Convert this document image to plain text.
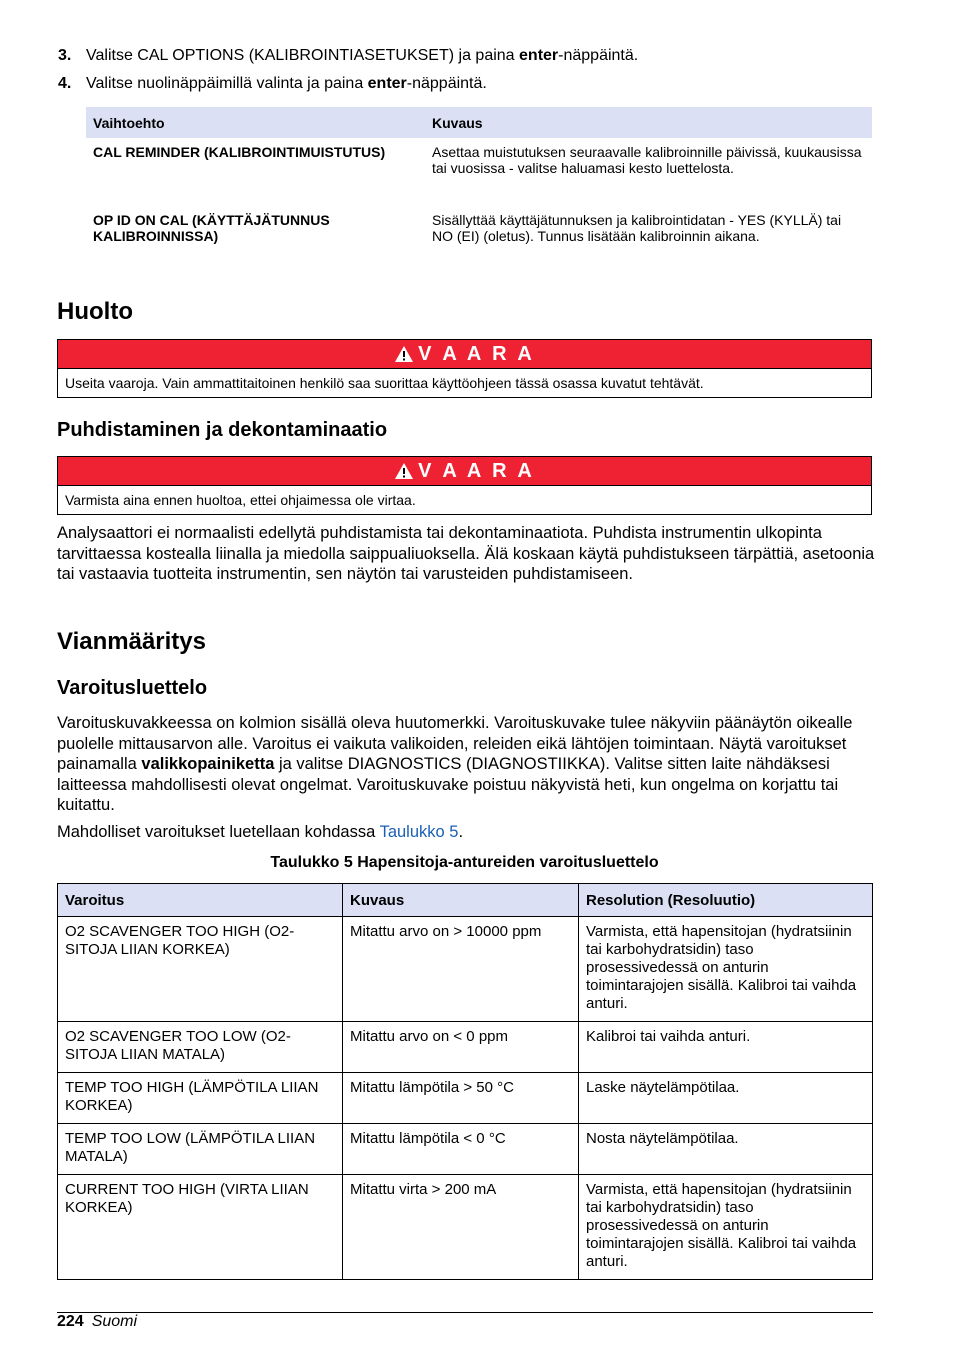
3. Valitse CAL OPTIONS (KALIBROINTIASETUKSET) ja paina enter-näppäintä.
4. Valitse nuolinäppäimillä valinta ja paina enter-näppäintä.
Vaihtoehto	Kuvaus
CAL REMINDER (KALIBROINTIMUISTUTUS)	Asettaa muistutuksen seuraavalle kalibroinnille päivissä, kuukausissa tai vuosissa - valitse haluamasi kesto luettelosta.
OP ID ON CAL (KÄYTTÄJÄTUNNUS KALIBROINNISSA)	Sisällyttää käyttäjätunnuksen ja kalibrointidatan - YES (KYLLÄ) tai NO (EI) (oletus). Tunnus lisätään kalibroinnin aikana.
Huolto
V A A R A
Useita vaaroja. Vain ammattitaitoinen henkilö saa suorittaa käyttöohjeen tässä osassa kuvatut tehtävät.
Puhdistaminen ja dekontaminaatio
V A A R A
Varmista aina ennen huoltoa, ettei ohjaimessa ole virtaa.
Analysaattori ei normaalisti edellytä puhdistamista tai dekontaminaatiota. Puhdista instrumentin ulkopinta tarvittaessa kostealla liinalla ja miedolla saippualiuoksella. Älä koskaan käytä puhdistukseen tärpättiä, asetoonia tai vastaavia tuotteita instrumentin, sen näytön tai varusteiden puhdistamiseen.
Vianmääritys
Varoitusluettelo
Varoituskuvakkeessa on kolmion sisällä oleva huutomerkki. Varoituskuvake tulee näkyviin päänäytön oikealle puolelle mittausarvon alle. Varoitus ei vaikuta valikoiden, releiden eikä lähtöjen toimintaan. Näytä varoitukset painamalla valikkopainiketta ja valitse DIAGNOSTICS (DIAGNOSTIIKKA). Valitse sitten laite nähdäksesi laitteessa mahdollisesti olevat ongelmat. Varoituskuvake poistuu näkyvistä heti, kun ongelma on korjattu tai kuitattu.
Mahdolliset varoitukset luetellaan kohdassa Taulukko 5.
Taulukko 5 Hapensitoja-antureiden varoitusluettelo
Varoitus	Kuvaus	Resolution (Resoluutio)
O2 SCAVENGER TOO HIGH (O2-SITOJA LIIAN KORKEA)	Mitattu arvo on > 10000 ppm	Varmista, että hapensitojan (hydratsiinin tai karbohydratsidin) taso prosessivedessä on anturin toimintarajojen sisällä. Kalibroi tai vaihda anturi.
O2 SCAVENGER TOO LOW (O2-SITOJA LIIAN MATALA)	Mitattu arvo on < 0 ppm	Kalibroi tai vaihda anturi.
TEMP TOO HIGH (LÄMPÖTILA LIIAN KORKEA)	Mitattu lämpötila > 50 °C	Laske näytelämpötilaa.
TEMP TOO LOW (LÄMPÖTILA LIIAN MATALA)	Mitattu lämpötila < 0 °C	Nosta näytelämpötilaa.
CURRENT TOO HIGH (VIRTA LIIAN KORKEA)	Mitattu virta > 200 mA	Varmista, että hapensitojan (hydratsiinin tai karbohydratsidin) taso prosessivedessä on anturin toimintarajojen sisällä. Kalibroi tai vaihda anturi.
224 Suomi
